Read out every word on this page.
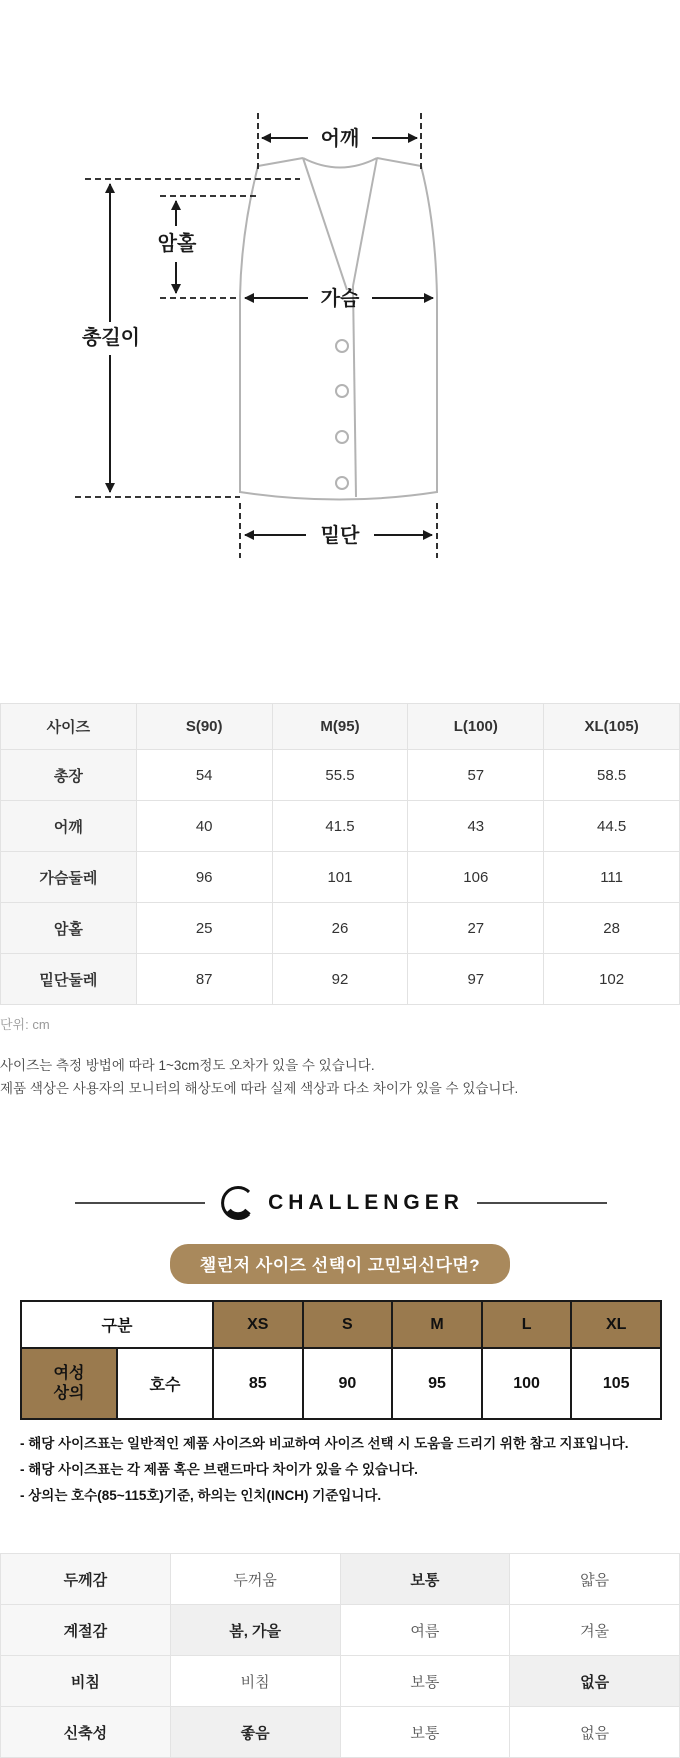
어깨
총길이
암홀
가슴
밑단
사이즈	S(90)	M(95)	L(100)	XL(105)
총장	54	55.5	57	58.5
어깨	40	41.5	43	44.5
가슴둘레	96	101	106	111
암홀	25	26	27	28
밑단둘레	87	92	97	102
단위: cm
사이즈는 측정 방법에 따라 1~3cm정도 오차가 있을 수 있습니다.
제품 색상은 사용자의 모니터의 해상도에 따라 실제 색상과 다소 차이가 있을 수 있습니다.
CHALLENGER
챌린저 사이즈 선택이 고민되신다면?
구분		XS	S	M	L	XL

여성
상의	호수	85	90	95	100	105
- 해당 사이즈표는 일반적인 제품 사이즈와 비교하여 사이즈 선택 시 도움을 드리기 위한 참고 지표입니다.
- 해당 사이즈표는 각 제품 혹은 브랜드마다 차이가 있을 수 있습니다.
- 상의는 호수(85~115호)기준, 하의는 인치(INCH) 기준입니다.
두께감	두꺼움	보통	얇음
계절감	봄, 가을	여름	겨울
비침	비침	보통	없음
신축성	좋음	보통	없음
